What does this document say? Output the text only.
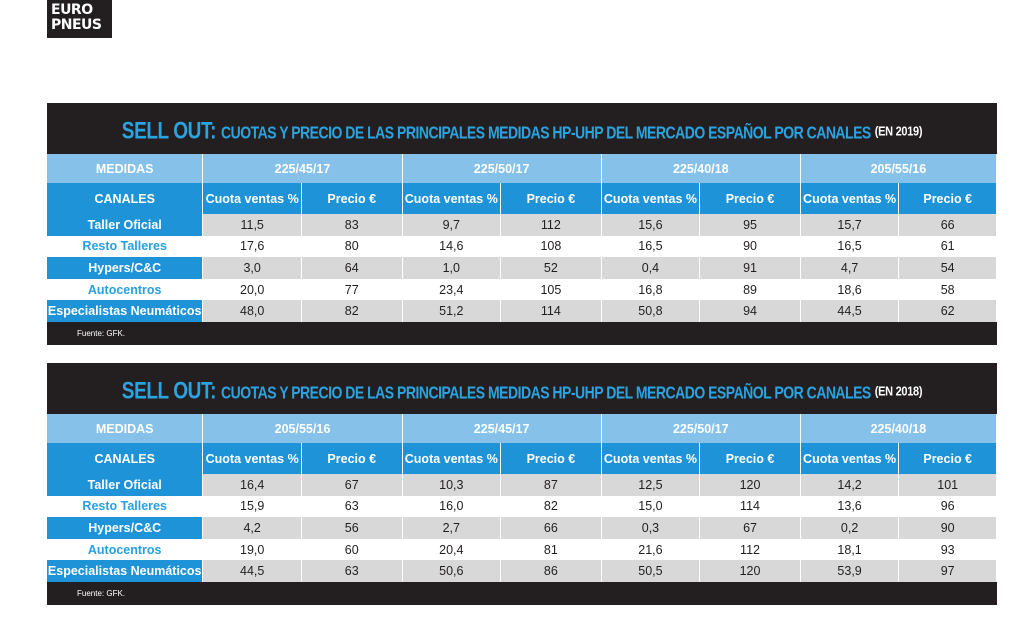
EURO
PNEUS
SELL OUT: CUOTAS Y PRECIO DE LAS PRINCIPALES MEDIDAS HP-UHP DEL MERCADO ESPAÑOL POR CANALES (EN 2019)
MEDIDAS	225/45/17		225/50/17		225/40/18		205/55/16	
CANALES	Cuota ventas %	Precio €	Cuota ventas %	Precio €	Cuota ventas %	Precio €	Cuota ventas %	Precio €
Taller Oficial	11,5	83	9,7	112	15,6	95	15,7	66
Resto Talleres	17,6	80	14,6	108	16,5	90	16,5	61
Hypers/C&C	3,0	64	1,0	52	0,4	91	4,7	54
Autocentros	20,0	77	23,4	105	16,8	89	18,6	58
Especialistas Neumáticos	48,0	82	51,2	114	50,8	94	44,5	62
Fuente: GFK.
SELL OUT: CUOTAS Y PRECIO DE LAS PRINCIPALES MEDIDAS HP-UHP DEL MERCADO ESPAÑOL POR CANALES (EN 2018)
MEDIDAS	205/55/16		225/45/17		225/50/17		225/40/18	
CANALES	Cuota ventas %	Precio €	Cuota ventas %	Precio €	Cuota ventas %	Precio €	Cuota ventas %	Precio €
Taller Oficial	16,4	67	10,3	87	12,5	120	14,2	101
Resto Talleres	15,9	63	16,0	82	15,0	114	13,6	96
Hypers/C&C	4,2	56	2,7	66	0,3	67	0,2	90
Autocentros	19,0	60	20,4	81	21,6	112	18,1	93
Especialistas Neumáticos	44,5	63	50,6	86	50,5	120	53,9	97
Fuente: GFK.
